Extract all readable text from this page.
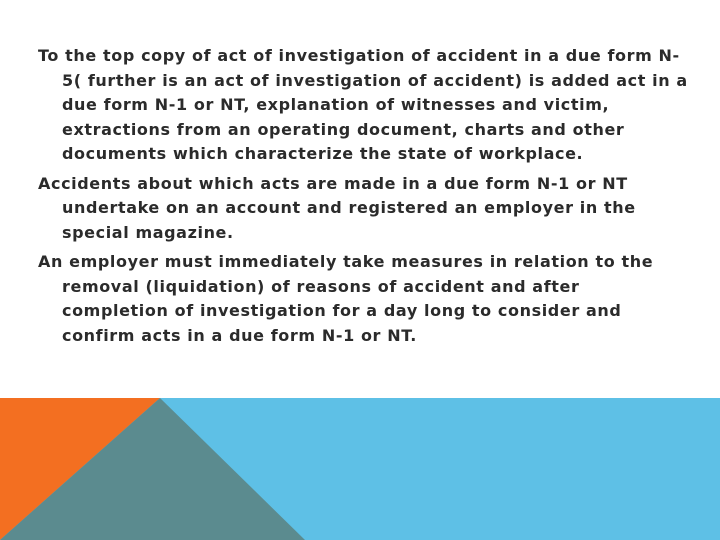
To the top copy of act of investigation of accident in a due form N-5( further is an act of investigation of accident) is added act in a due form N-1 or NT, explanation of witnesses and victim, extractions from an operating document, charts and other documents which characterize the state of workplace.

Accidents about which acts are made in a due form N-1 or NT undertake on an account and registered an employer in the special magazine.

An employer must immediately take measures in relation to the removal (liquidation) of reasons of accident and after completion of investigation for a day long to consider and confirm acts in a due form N-1 or NT.
